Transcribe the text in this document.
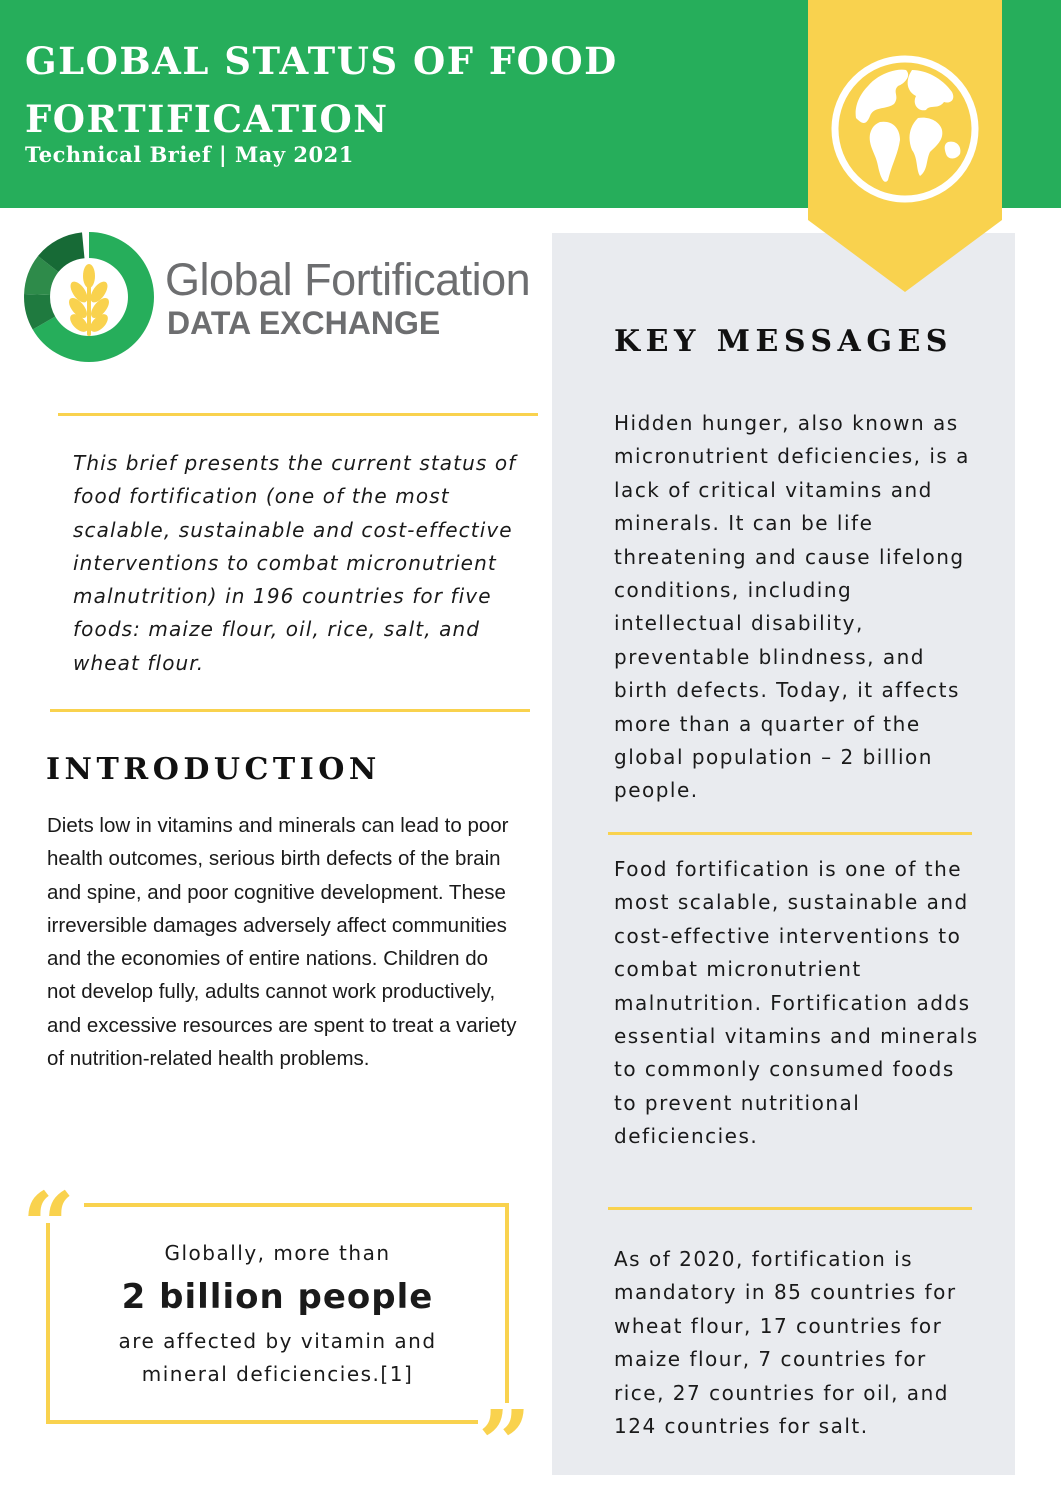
GLOBAL STATUS OF FOOD FORTIFICATION
Technical Brief | May 2021
Global Fortification
DATA EXCHANGE
This brief presents the current status of food fortification (one of the most scalable, sustainable and cost-effective interventions to combat micronutrient malnutrition) in 196 countries for five foods: maize flour, oil, rice, salt, and wheat flour.
INTRODUCTION
Diets low in vitamins and minerals can lead to poor health outcomes, serious birth defects of the brain and spine, and poor cognitive development. These irreversible damages adversely affect communities and the economies of entire nations. Children do not develop fully, adults cannot work productively, and excessive resources are spent to treat a variety of nutrition-related health problems.
“
”
Globally, more than
2 billion people
are affected by vitamin and mineral deficiencies.[1]
KEY MESSAGES
Hidden hunger, also known as micronutrient deficiencies, is a lack of critical vitamins and minerals. It can be life threatening and cause lifelong conditions, including intellectual disability, preventable blindness, and birth defects. Today, it affects more than a quarter of the global population – 2 billion people.
Food fortification is one of the most scalable, sustainable and cost-effective interventions to combat micronutrient malnutrition. Fortification adds essential vitamins and minerals to commonly consumed foods to prevent nutritional deficiencies.
As of 2020, fortification is mandatory in 85 countries for wheat flour, 17 countries for maize flour, 7 countries for rice, 27 countries for oil, and 124 countries for salt.
